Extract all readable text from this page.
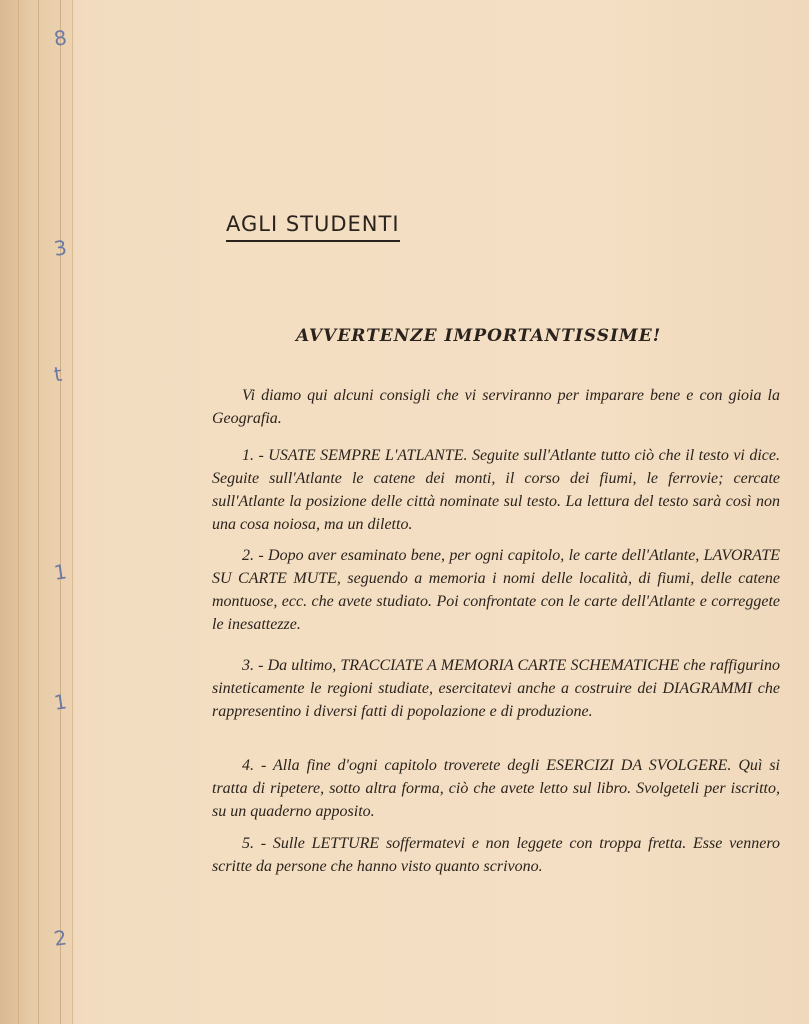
8
3
t
1
1
2
AGLI STUDENTI
AVVERTENZE IMPORTANTISSIME!

Vi diamo qui alcuni consigli che vi serviranno per imparare bene e con gioia la Geografia.

1. - USATE SEMPRE L'ATLANTE. Seguite sull'Atlante tutto ciò che il testo vi dice. Seguite sull'Atlante le catene dei monti, il corso dei fiumi, le ferrovie; cercate sull'Atlante la posizione delle città nominate sul testo. La lettura del testo sarà così non una cosa noiosa, ma un diletto.

2. - Dopo aver esaminato bene, per ogni capitolo, le carte dell'Atlante, LAVORATE SU CARTE MUTE, seguendo a memoria i nomi delle località, di fiumi, delle catene montuose, ecc. che avete studiato. Poi confrontate con le carte dell'Atlante e correggete le inesattezze.

3. - Da ultimo, TRACCIATE A MEMORIA CARTE SCHEMATICHE che raffigurino sinteticamente le regioni studiate, esercitatevi anche a costruire dei DIAGRAMMI che rappresentino i diversi fatti di popolazione e di produzione.

4. - Alla fine d'ogni capitolo troverete degli ESERCIZI DA SVOLGERE. Quì si tratta di ripetere, sotto altra forma, ciò che avete letto sul libro. Svolgeteli per iscritto, su un quaderno apposito.

5. - Sulle LETTURE soffermatevi e non leggete con troppa fretta. Esse vennero scritte da persone che hanno visto quanto scrivono.
